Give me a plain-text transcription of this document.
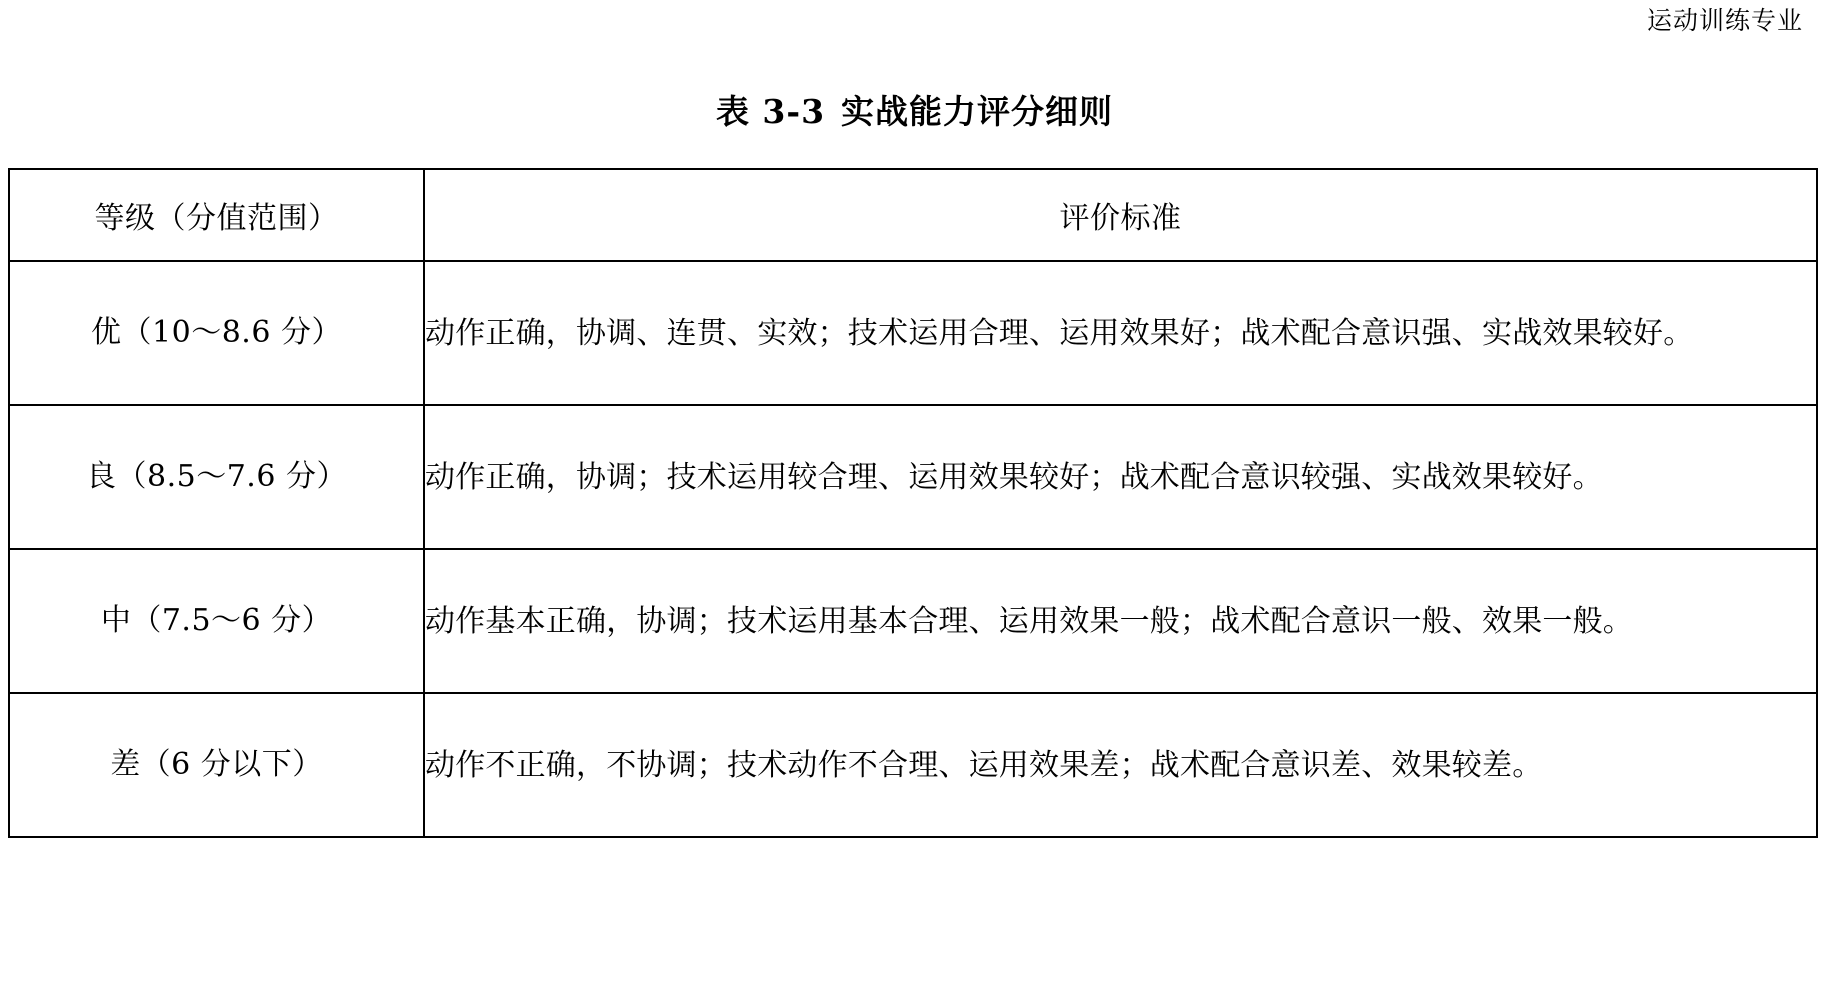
运动训练专业
表 3-3 实战能力评分细则
等级（分值范围）	评价标准
优（10～8.6 分）	动作正确，协调、连贯、实效；技术运用合理、运用效果好；战术配合意识强、实战效果较好。
良（8.5～7.6 分）	动作正确，协调；技术运用较合理、运用效果较好；战术配合意识较强、实战效果较好。
中（7.5～6 分）	动作基本正确，协调；技术运用基本合理、运用效果一般；战术配合意识一般、效果一般。
差（6 分以下）	动作不正确，不协调；技术动作不合理、运用效果差；战术配合意识差、效果较差。
